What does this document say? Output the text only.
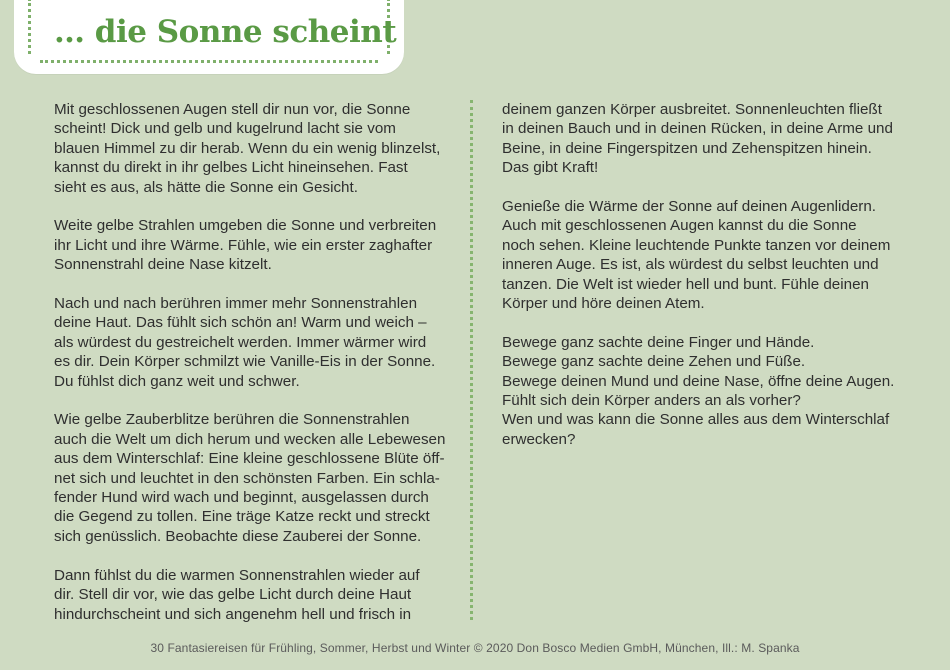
… die Sonne scheint

Mit geschlossenen Augen stell dir nun vor, die Sonne
scheint! Dick und gelb und kugelrund lacht sie vom
blauen Himmel zu dir herab. Wenn du ein wenig blinzelst,
kannst du direkt in ihr gelbes Licht hineinsehen. Fast
sieht es aus, als hätte die Sonne ein Gesicht.

Weite gelbe Strahlen umgeben die Sonne und verbreiten
ihr Licht und ihre Wärme. Fühle, wie ein erster zaghafter
Sonnenstrahl deine Nase kitzelt.

Nach und nach berühren immer mehr Sonnenstrahlen
deine Haut. Das fühlt sich schön an! Warm und weich –
als würdest du gestreichelt werden. Immer wärmer wird
es dir. Dein Körper schmilzt wie Vanille-Eis in der Sonne.
Du fühlst dich ganz weit und schwer.

Wie gelbe Zauberblitze berühren die Sonnenstrahlen
auch die Welt um dich herum und wecken alle Lebewesen
aus dem Winterschlaf: Eine kleine geschlossene Blüte öff-
net sich und leuchtet in den schönsten Farben. Ein schla-
fender Hund wird wach und beginnt, ausgelassen durch
die Gegend zu tollen. Eine träge Katze reckt und streckt
sich genüsslich. Beobachte diese Zauberei der Sonne.

Dann fühlst du die warmen Sonnenstrahlen wieder auf
dir. Stell dir vor, wie das gelbe Licht durch deine Haut
hindurchscheint und sich angenehm hell und frisch in

deinem ganzen Körper ausbreitet. Sonnenleuchten fließt
in deinen Bauch und in deinen Rücken, in deine Arme und
Beine, in deine Fingerspitzen und Zehenspitzen hinein.
Das gibt Kraft!

Genieße die Wärme der Sonne auf deinen Augenlidern.
Auch mit geschlossenen Augen kannst du die Sonne
noch sehen. Kleine leuchtende Punkte tanzen vor deinem
inneren Auge. Es ist, als würdest du selbst leuchten und
tanzen. Die Welt ist wieder hell und bunt. Fühle deinen
Körper und höre deinen Atem.

Bewege ganz sachte deine Finger und Hände.
Bewege ganz sachte deine Zehen und Füße.
Bewege deinen Mund und deine Nase, öffne deine Augen.
Fühlt sich dein Körper anders an als vorher?
Wen und was kann die Sonne alles aus dem Winterschlaf
erwecken?

30 Fantasiereisen für Frühling, Sommer, Herbst und Winter © 2020 Don Bosco Medien GmbH, München, Ill.: M. Spanka
